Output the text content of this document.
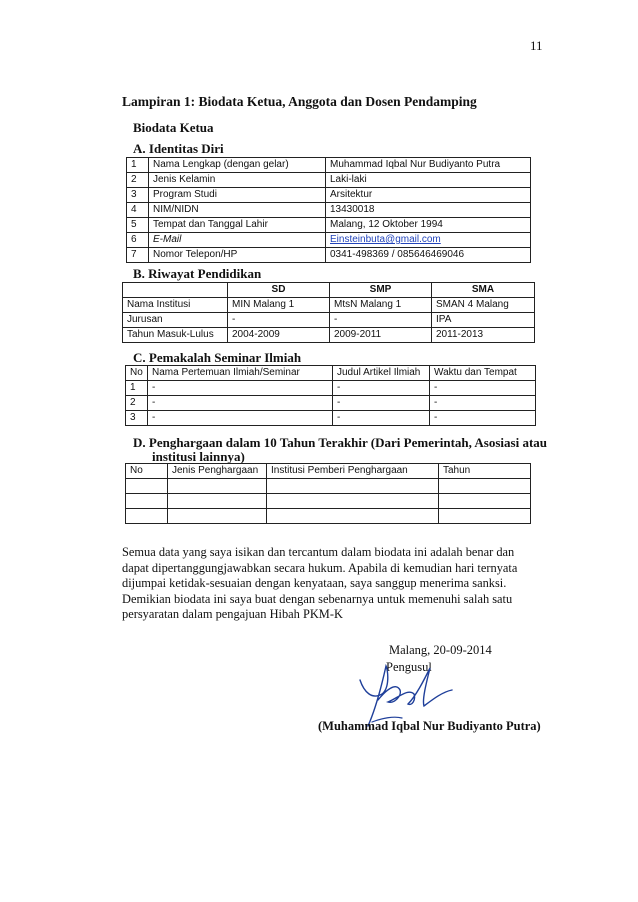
11
Lampiran 1: Biodata Ketua, Anggota dan Dosen Pendamping
Biodata Ketua
A. Identitas Diri
1	Nama Lengkap (dengan gelar)	Muhammad Iqbal Nur Budiyanto Putra
2	Jenis Kelamin	Laki-laki
3	Program Studi	Arsitektur
4	NIM/NIDN	13430018
5	Tempat dan Tanggal Lahir	Malang, 12 Oktober 1994
6	E-Mail	Einsteinbuta@gmail.com
7	Nomor Telepon/HP	0341-498369 / 085646469046
B. Riwayat Pendidikan
	SD	SMP	SMA
Nama Institusi	MIN Malang 1	MtsN Malang 1	SMAN 4 Malang
Jurusan	-	-	IPA
Tahun Masuk-Lulus	2004-2009	2009-2011	2011-2013
C. Pemakalah Seminar Ilmiah
No	Nama Pertemuan Ilmiah/Seminar	Judul Artikel Ilmiah	Waktu dan Tempat
1	-	-	-
2	-	-	-
3	-	-	-
D. Penghargaan dalam 10 Tahun Terakhir (Dari Pemerintah, Asosiasi atau
institusi lainnya)
No	Jenis Penghargaan	Institusi Pemberi Penghargaan	Tahun

Semua data yang saya isikan dan tercantum dalam biodata ini adalah benar dan

dapat dipertanggungjawabkan secara hukum. Apabila di kemudian hari ternyata

dijumpai ketidak-sesuaian dengan kenyataan, saya sanggup menerima sanksi.

Demikian biodata ini saya buat dengan sebenarnya untuk memenuhi salah satu

persyaratan dalam pengajuan Hibah PKM-K

Malang, 20-09-2014
Pengusul
(Muhammad Iqbal Nur Budiyanto Putra)
